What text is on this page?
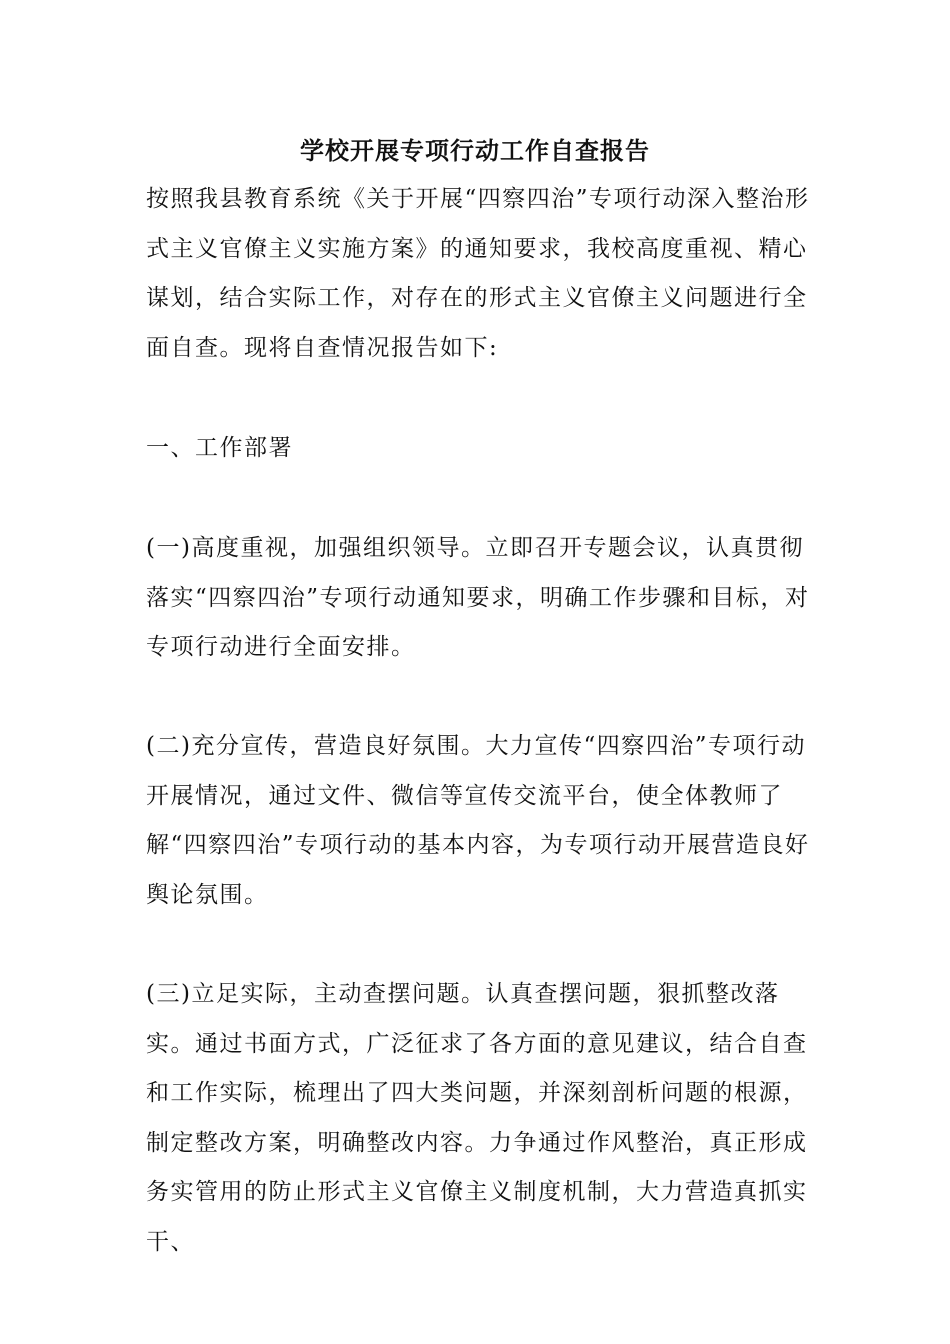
学校开展专项行动工作自查报告

按照我县教育系统《关于开展“四察四治”专项行动深入整治形式主义官僚主义实施方案》的通知要求，我校高度重视、精心谋划，结合实际工作，对存在的形式主义官僚主义问题进行全面自查。现将自查情况报告如下:

一、工作部署

(一)高度重视，加强组织领导。立即召开专题会议，认真贯彻落实“四察四治”专项行动通知要求，明确工作步骤和目标，对专项行动进行全面安排。

(二)充分宣传，营造良好氛围。大力宣传“四察四治”专项行动开展情况，通过文件、微信等宣传交流平台，使全体教师了解“四察四治”专项行动的基本内容，为专项行动开展营造良好舆论氛围。

(三)立足实际，主动查摆问题。认真查摆问题，狠抓整改落实。通过书面方式，广泛征求了各方面的意见建议，结合自查和工作实际，梳理出了四大类问题，并深刻剖析问题的根源，制定整改方案，明确整改内容。力争通过作风整治，真正形成务实管用的防止形式主义官僚主义制度机制，大力营造真抓实干、
